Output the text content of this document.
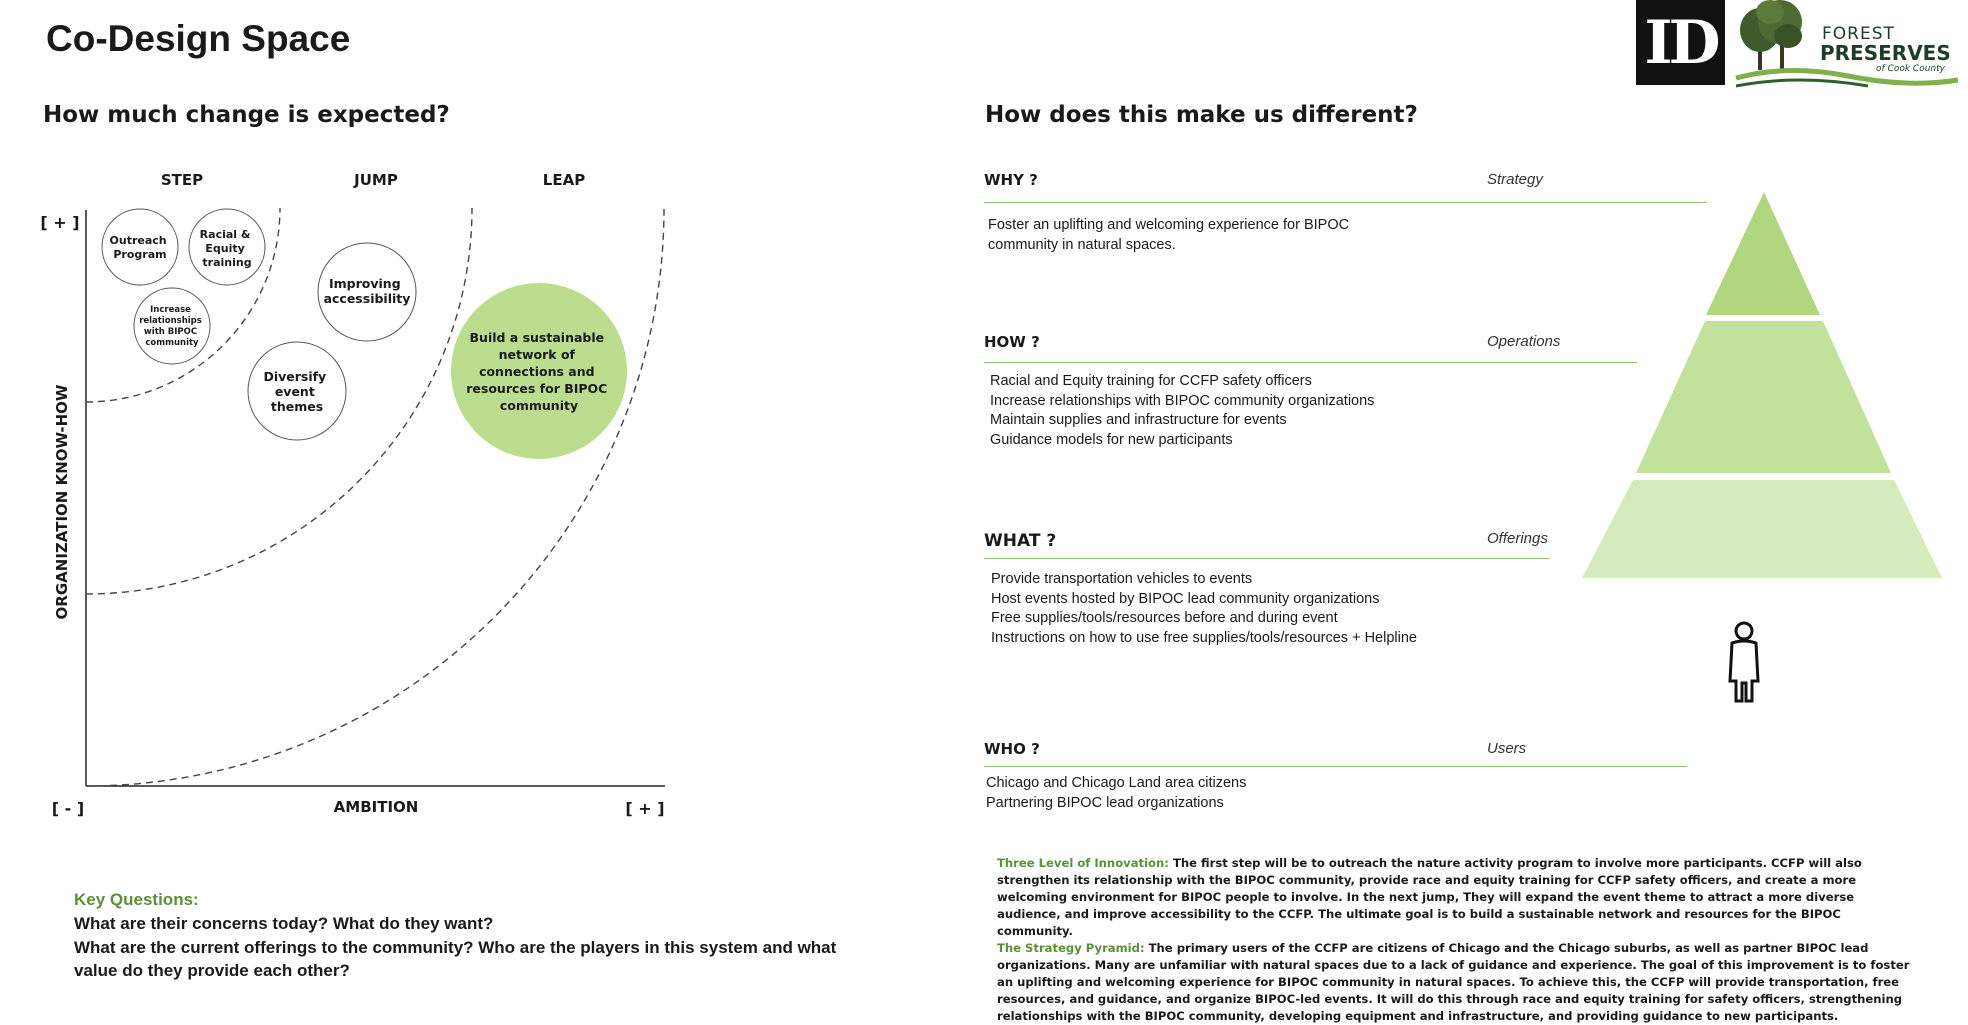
Co-Design Space	ID	FOREST
PRESERVES
of Cook County
How much change is expected?
STEP	JUMP	LEAP
[ + ]
[ - ]	[ + ]
AMBITION
ORGANIZATION KNOW-HOW
Outreach Program
Racial & Equity training
Increase relationships with BIPOC community
Improving accessibility
Diversify event themes
Build a sustainable network of connections and resources for BIPOC community
Key Questions:
What are their concerns today? What do they want?
What are the current offerings to the community? Who are the players in this system and what value do they provide each other?
How does this make us different?
WHY ?	Strategy
Foster an uplifting and welcoming experience for BIPOC
community in natural spaces.
HOW ?	Operations
Racial and Equity training for CCFP safety officers
Increase relationships with BIPOC community organizations
Maintain supplies and infrastructure for events
Guidance models for new participants
WHAT ?	Offerings
Provide transportation vehicles to events
Host events hosted by BIPOC lead community organizations
Free supplies/tools/resources before and during event
Instructions on how to use free supplies/tools/resources + Helpline
WHO ?	Users
Chicago and Chicago Land area citizens
Partnering BIPOC lead organizations
Three Level of Innovation: The first step will be to outreach the nature activity program to involve more participants. CCFP will also strengthen its relationship with the BIPOC community, provide race and equity training for CCFP safety officers, and create a more welcoming environment for BIPOC people to involve. In the next jump, They will expand the event theme to attract a more diverse audience, and improve accessibility to the CCFP. The ultimate goal is to build a sustainable network and resources for the BIPOC community.
The Strategy Pyramid: The primary users of the CCFP are citizens of Chicago and the Chicago suburbs, as well as partner BIPOC lead organizations. Many are unfamiliar with natural spaces due to a lack of guidance and experience. The goal of this improvement is to foster an uplifting and welcoming experience for BIPOC community in natural spaces. To achieve this, the CCFP will provide transportation, free resources, and guidance, and organize BIPOC-led events. It will do this through race and equity training for safety officers, strengthening relationships with the BIPOC community, developing equipment and infrastructure, and providing guidance to new participants.
